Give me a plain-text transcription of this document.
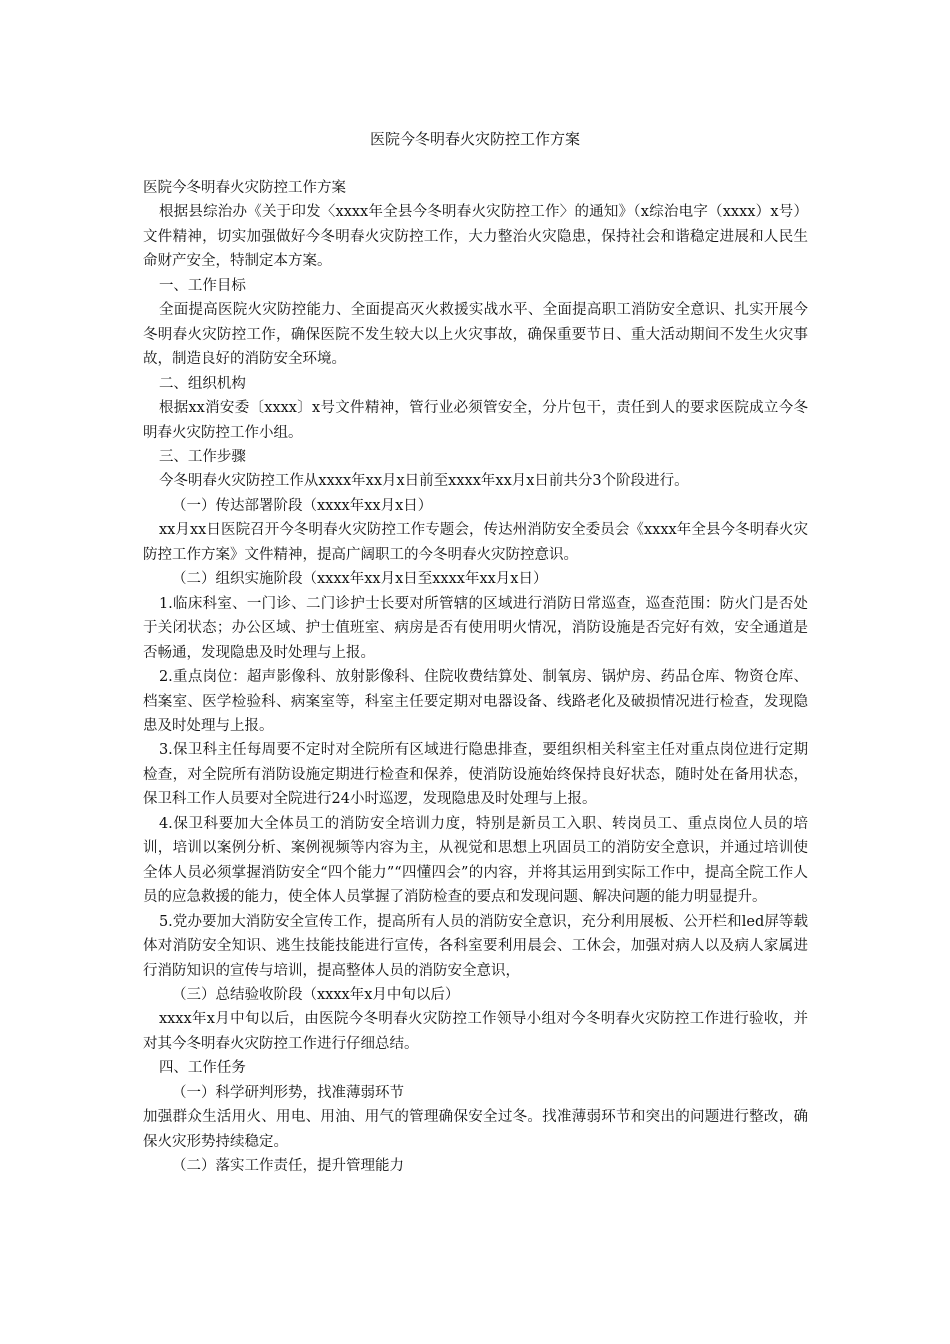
医院今冬明春火灾防控工作方案

医院今冬明春火灾防控工作方案

根据县综治办《关于印发〈xxxx年全县今冬明春火灾防控工作〉的通知》（x综治电字（xxxx）x号）文件精神，切实加强做好今冬明春火灾防控工作，大力整治火灾隐患，保持社会和谐稳定进展和人民生命财产安全，特制定本方案。

一、工作目标

全面提高医院火灾防控能力、全面提高灭火救援实战水平、全面提高职工消防安全意识、扎实开展今冬明春火灾防控工作，确保医院不发生较大以上火灾事故，确保重要节日、重大活动期间不发生火灾事故，制造良好的消防安全环境。

二、组织机构

根据xx消安委〔xxxx〕x号文件精神，管行业必须管安全，分片包干，责任到人的要求医院成立今冬明春火灾防控工作小组。

三、工作步骤

今冬明春火灾防控工作从xxxx年xx月x日前至xxxx年xx月x日前共分3个阶段进行。

（一）传达部署阶段（xxxx年xx月x日）

xx月xx日医院召开今冬明春火灾防控工作专题会，传达州消防安全委员会《xxxx年全县今冬明春火灾防控工作方案》文件精神，提高广阔职工的今冬明春火灾防控意识。

（二）组织实施阶段（xxxx年xx月x日至xxxx年xx月x日）

1.临床科室、一门诊、二门诊护士长要对所管辖的区域进行消防日常巡查，巡查范围：防火门是否处于关闭状态；办公区域、护士值班室、病房是否有使用明火情况，消防设施是否完好有效，安全通道是否畅通，发现隐患及时处理与上报。

2.重点岗位：超声影像科、放射影像科、住院收费结算处、制氧房、锅炉房、药品仓库、物资仓库、档案室、医学检验科、病案室等，科室主任要定期对电器设备、线路老化及破损情况进行检查，发现隐患及时处理与上报。

3.保卫科主任每周要不定时对全院所有区域进行隐患排查，要组织相关科室主任对重点岗位进行定期检查，对全院所有消防设施定期进行检查和保养，使消防设施始终保持良好状态，随时处在备用状态，保卫科工作人员要对全院进行24小时巡逻，发现隐患及时处理与上报。

4.保卫科要加大全体员工的消防安全培训力度，特别是新员工入职、转岗员工、重点岗位人员的培训，培训以案例分析、案例视频等内容为主，从视觉和思想上巩固员工的消防安全意识，并通过培训使全体人员必须掌握消防安全“四个能力”“四懂四会”的内容，并将其运用到实际工作中，提高全院工作人员的应急救援的能力，使全体人员掌握了消防检查的要点和发现问题、解决问题的能力明显提升。

5.党办要加大消防安全宣传工作，提高所有人员的消防安全意识，充分利用展板、公开栏和led屏等载体对消防安全知识、逃生技能技能进行宣传，各科室要利用晨会、工休会，加强对病人以及病人家属进行消防知识的宣传与培训，提高整体人员的消防安全意识，

（三）总结验收阶段（xxxx年x月中旬以后）

xxxx年x月中旬以后，由医院今冬明春火灾防控工作领导小组对今冬明春火灾防控工作进行验收，并对其今冬明春火灾防控工作进行仔细总结。

四、工作任务

（一）科学研判形势，找准薄弱环节

加强群众生活用火、用电、用油、用气的管理确保安全过冬。找准薄弱环节和突出的问题进行整改，确保火灾形势持续稳定。

（二）落实工作责任，提升管理能力
